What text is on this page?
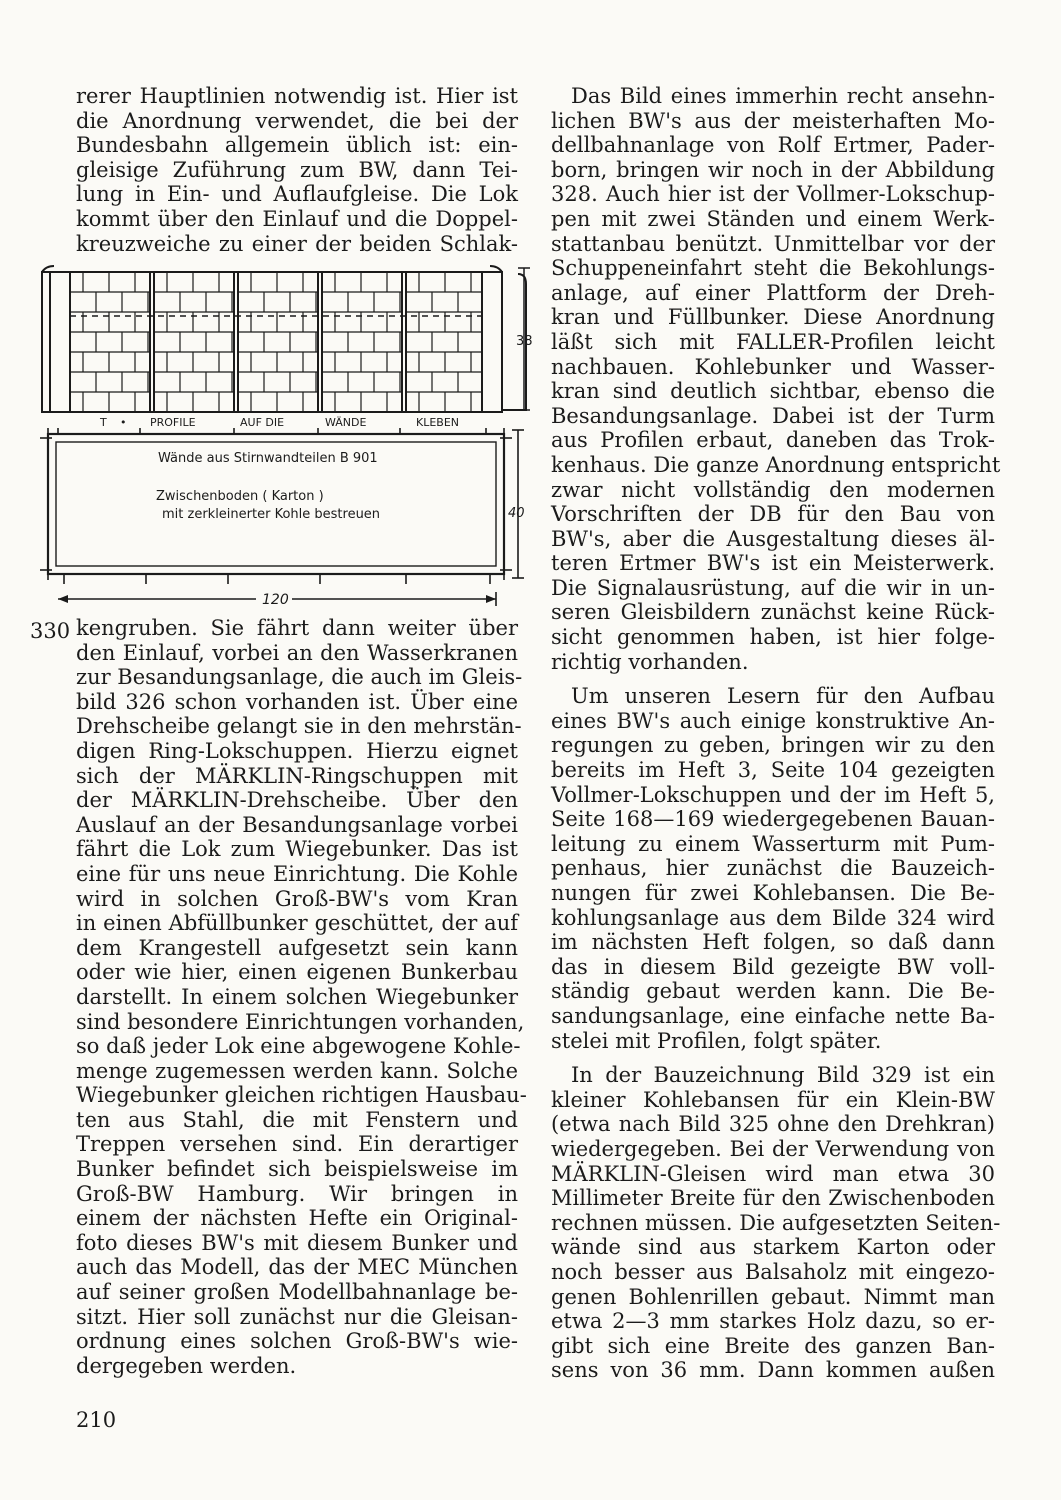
rerer Hauptlinien notwendig ist. Hier ist
die Anordnung verwendet, die bei der
Bundesbahn allgemein üblich ist: ein-
gleisige Zuführung zum BW, dann Tei-
lung in Ein- und Auflaufgleise. Die Lok
kommt über den Einlauf und die Doppel-
kreuzweiche zu einer der beiden Schlak-
38
T • PROFILE	AUF DIE	WÄNDE	KLEBEN
40
120
Wände aus Stirnwandteilen B 901
Zwischenboden ( Karton )
mit zerkleinerter Kohle bestreuen
330 kengruben. Sie fährt dann weiter über
den Einlauf, vorbei an den Wasserkranen
zur Besandungsanlage, die auch im Gleis-
bild 326 schon vorhanden ist. Über eine
Drehscheibe gelangt sie in den mehrstän-
digen Ring-Lokschuppen. Hierzu eignet
sich der MÄRKLIN-Ringschuppen mit
der MÄRKLIN-Drehscheibe. Über den
Auslauf an der Besandungsanlage vorbei
fährt die Lok zum Wiegebunker. Das ist
eine für uns neue Einrichtung. Die Kohle
wird in solchen Groß-BW's vom Kran
in einen Abfüllbunker geschüttet, der auf
dem Krangestell aufgesetzt sein kann
oder wie hier, einen eigenen Bunkerbau
darstellt. In einem solchen Wiegebunker
sind besondere Einrichtungen vorhanden,
so daß jeder Lok eine abgewogene Kohle-
menge zugemessen werden kann. Solche
Wiegebunker gleichen richtigen Hausbau-
ten aus Stahl, die mit Fenstern und
Treppen versehen sind. Ein derartiger
Bunker befindet sich beispielsweise im
Groß-BW Hamburg. Wir bringen in
einem der nächsten Hefte ein Original-
foto dieses BW's mit diesem Bunker und
auch das Modell, das der MEC München
auf seiner großen Modellbahnanlage be-
sitzt. Hier soll zunächst nur die Gleisan-
ordnung eines solchen Groß-BW's wie-
dergegeben werden.
Das Bild eines immerhin recht ansehn-
lichen BW's aus der meisterhaften Mo-
dellbahnanlage von Rolf Ertmer, Pader-
born, bringen wir noch in der Abbildung
328. Auch hier ist der Vollmer-Lokschup-
pen mit zwei Ständen und einem Werk-
stattanbau benützt. Unmittelbar vor der
Schuppeneinfahrt steht die Bekohlungs-
anlage, auf einer Plattform der Dreh-
kran und Füllbunker. Diese Anordnung
läßt sich mit FALLER-Profilen leicht
nachbauen. Kohlebunker und Wasser-
kran sind deutlich sichtbar, ebenso die
Besandungsanlage. Dabei ist der Turm
aus Profilen erbaut, daneben das Trok-
kenhaus. Die ganze Anordnung entspricht
zwar nicht vollständig den modernen
Vorschriften der DB für den Bau von
BW's, aber die Ausgestaltung dieses äl-
teren Ertmer BW's ist ein Meisterwerk.
Die Signalausrüstung, auf die wir in un-
seren Gleisbildern zunächst keine Rück-
sicht genommen haben, ist hier folge-
richtig vorhanden.
Um unseren Lesern für den Aufbau
eines BW's auch einige konstruktive An-
regungen zu geben, bringen wir zu den
bereits im Heft 3, Seite 104 gezeigten
Vollmer-Lokschuppen und der im Heft 5,
Seite 168—169 wiedergegebenen Bauan-
leitung zu einem Wasserturm mit Pum-
penhaus, hier zunächst die Bauzeich-
nungen für zwei Kohlebansen. Die Be-
kohlungsanlage aus dem Bilde 324 wird
im nächsten Heft folgen, so daß dann
das in diesem Bild gezeigte BW voll-
ständig gebaut werden kann. Die Be-
sandungsanlage, eine einfache nette Ba-
stelei mit Profilen, folgt später.
In der Bauzeichnung Bild 329 ist ein
kleiner Kohlebansen für ein Klein-BW
(etwa nach Bild 325 ohne den Drehkran)
wiedergegeben. Bei der Verwendung von
MÄRKLIN-Gleisen wird man etwa 30
Millimeter Breite für den Zwischenboden
rechnen müssen. Die aufgesetzten Seiten-
wände sind aus starkem Karton oder
noch besser aus Balsaholz mit eingezo-
genen Bohlenrillen gebaut. Nimmt man
etwa 2—3 mm starkes Holz dazu, so er-
gibt sich eine Breite des ganzen Ban-
sens von 36 mm. Dann kommen außen
210
